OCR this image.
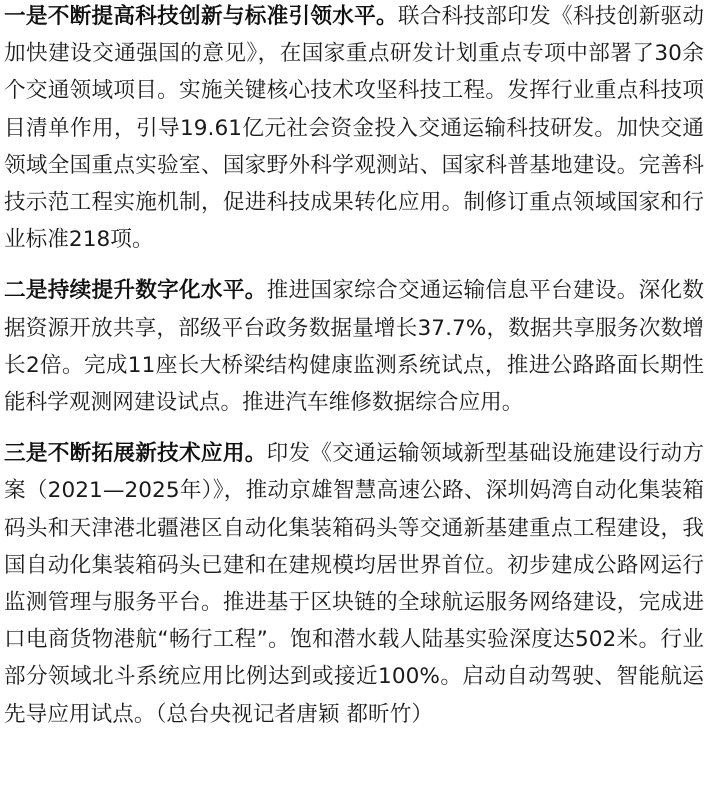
一是不断提高科技创新与标准引领水平。联合科技部印发《科技创新驱动加快建设交通强国的意见》，在国家重点研发计划重点专项中部署了30余个交通领域项目。实施关键核心技术攻坚科技工程。发挥行业重点科技项目清单作用，引导19.61亿元社会资金投入交通运输科技研发。加快交通领域全国重点实验室、国家野外科学观测站、国家科普基地建设。完善科技示范工程实施机制，促进科技成果转化应用。制修订重点领域国家和行业标准218项。

二是持续提升数字化水平。推进国家综合交通运输信息平台建设。深化数据资源开放共享，部级平台政务数据量增长37.7%，数据共享服务次数增长2倍。完成11座长大桥梁结构健康监测系统试点，推进公路路面长期性能科学观测网建设试点。推进汽车维修数据综合应用。

三是不断拓展新技术应用。印发《交通运输领域新型基础设施建设行动方案（2021—2025年）》，推动京雄智慧高速公路、深圳妈湾自动化集装箱码头和天津港北疆港区自动化集装箱码头等交通新基建重点工程建设，我国自动化集装箱码头已建和在建规模均居世界首位。初步建成公路网运行监测管理与服务平台。推进基于区块链的全球航运服务网络建设，完成进口电商货物港航“畅行工程”。饱和潜水载人陆基实验深度达502米。行业部分领域北斗系统应用比例达到或接近100%。启动自动驾驶、智能航运先导应用试点。（总台央视记者唐颖 都昕竹）
